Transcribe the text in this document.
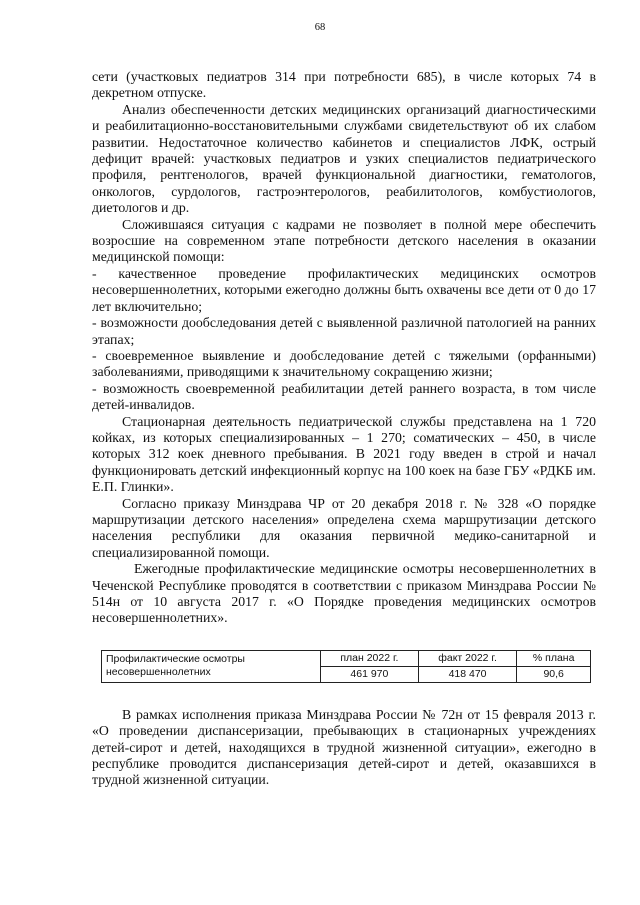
68

сети (участковых педиатров 314 при потребности 685), в числе которых 74 в декретном отпуске.

Анализ обеспеченности детских медицинских организаций диагностическими и реабилитационно-восстановительными службами свидетельствуют об их слабом развитии. Недостаточное количество кабинетов и специалистов ЛФК, острый дефицит врачей: участковых педиатров и узких специалистов педиатрического профиля, рентгенологов, врачей функциональной диагностики, гематологов, онкологов, сурдологов, гастроэнтерологов, реабилитологов, комбустиологов, диетологов и др.

Сложившаяся ситуация с кадрами не позволяет в полной мере обеспечить возросшие на современном этапе потребности детского населения в оказании медицинской помощи:

- качественное проведение профилактических медицинских осмотров несовершеннолетних, которыми ежегодно должны быть охвачены все дети от 0 до 17 лет включительно;

- возможности дообследования детей с выявленной различной патологией на ранних этапах;

- своевременное выявление и дообследование детей с тяжелыми (орфанными) заболеваниями, приводящими к значительному сокращению жизни;

- возможность своевременной реабилитации детей раннего возраста, в том числе детей-инвалидов.

Стационарная деятельность педиатрической службы представлена на 1 720 койках, из которых специализированных – 1 270; соматических – 450, в числе которых 312 коек дневного пребывания. В 2021 году введен в строй и начал функционировать детский инфекционный корпус на 100 коек на базе ГБУ «РДКБ им. Е.П. Глинки».

Согласно приказу Минздрава ЧР от 20 декабря 2018 г. № 328 «О порядке маршрутизации детского населения» определена схема маршрутизации детского населения республики для оказания первичной медико-санитарной и специализированной помощи.

Ежегодные профилактические медицинские осмотры несовершеннолетних в Чеченской Республике проводятся в соответствии с приказом Минздрава России № 514н от 10 августа 2017 г. «О Порядке проведения медицинских осмотров несовершеннолетних».

Профилактические осмотры
несовершеннолетних	план 2022 г.	факт 2022 г.	% плана
	461 970	418 470	90,6

В рамках исполнения приказа Минздрава России № 72н от 15 февраля 2013 г. «О проведении диспансеризации, пребывающих в стационарных учреждениях детей-сирот и детей, находящихся в трудной жизненной ситуации», ежегодно в республике проводится диспансеризация детей-сирот и детей, оказавшихся в трудной жизненной ситуации.
